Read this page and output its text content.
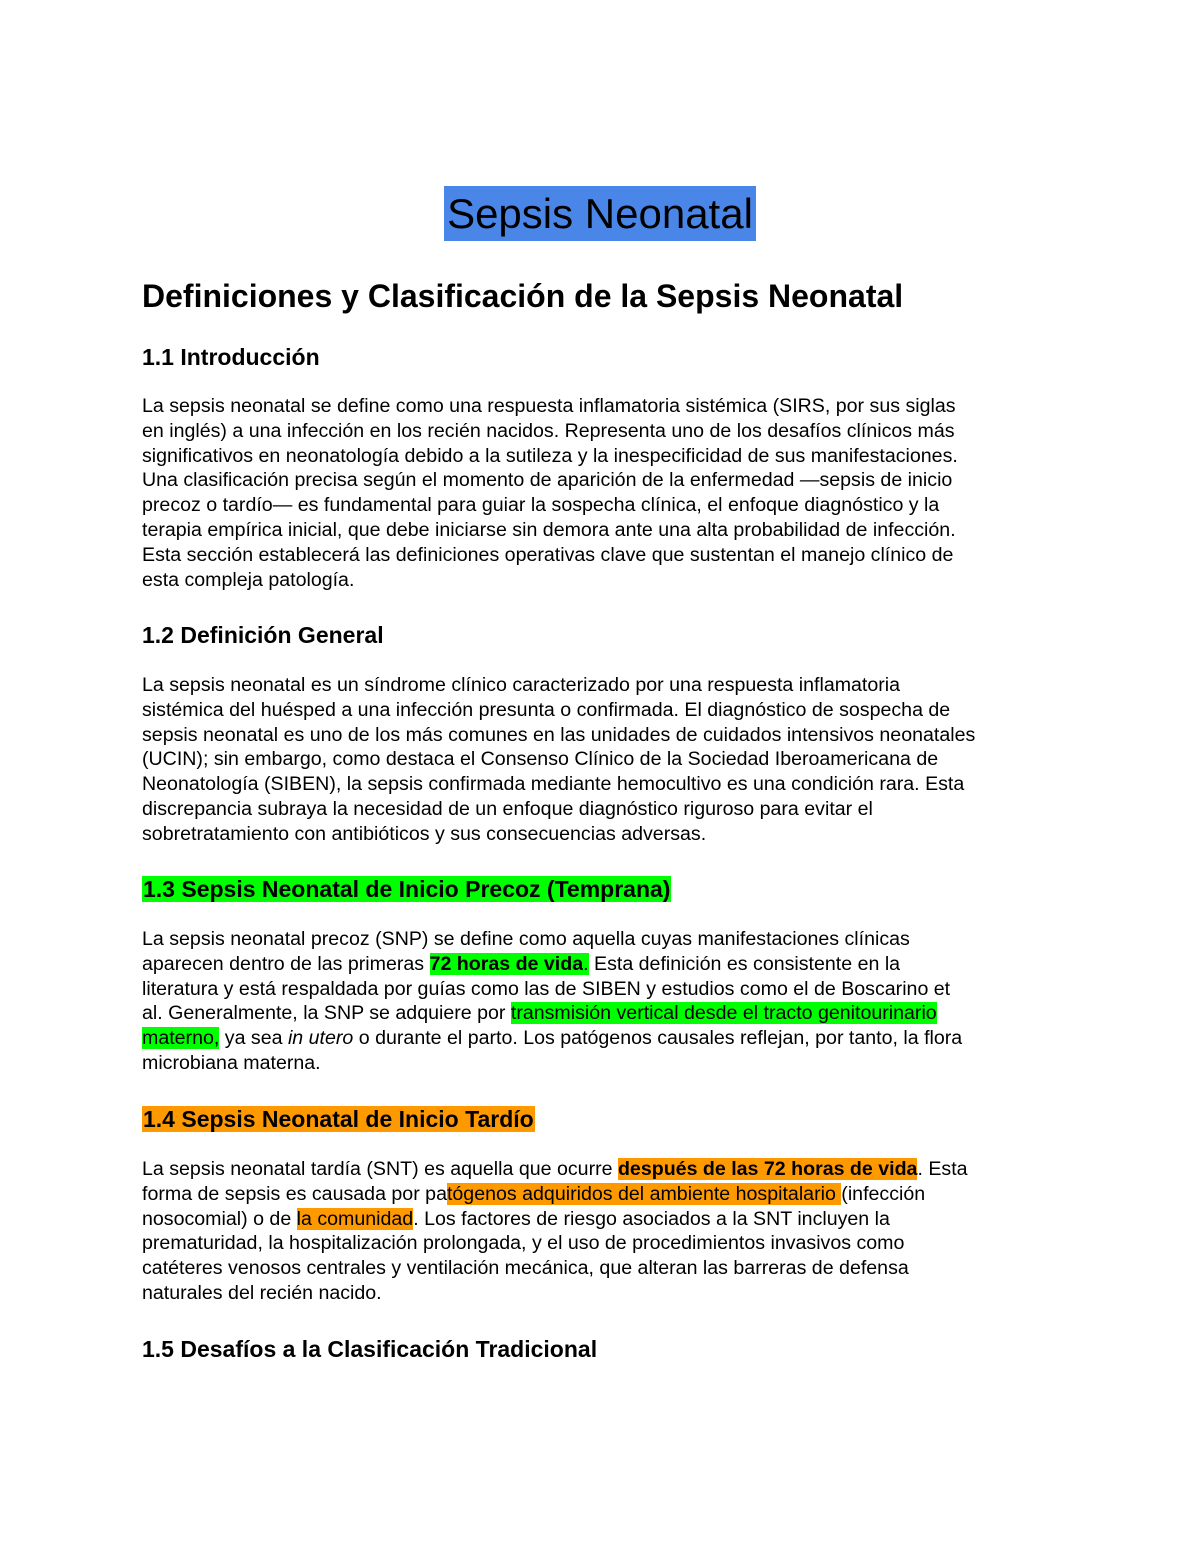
Sepsis Neonatal
Definiciones y Clasificación de la Sepsis Neonatal
1.1 Introducción
La sepsis neonatal se define como una respuesta inflamatoria sistémica (SIRS, por sus siglas
en inglés) a una infección en los recién nacidos. Representa uno de los desafíos clínicos más
significativos en neonatología debido a la sutileza y la inespecificidad de sus manifestaciones.
Una clasificación precisa según el momento de aparición de la enfermedad —sepsis de inicio
precoz o tardío— es fundamental para guiar la sospecha clínica, el enfoque diagnóstico y la
terapia empírica inicial, que debe iniciarse sin demora ante una alta probabilidad de infección.
Esta sección establecerá las definiciones operativas clave que sustentan el manejo clínico de
esta compleja patología.
1.2 Definición General
La sepsis neonatal es un síndrome clínico caracterizado por una respuesta inflamatoria
sistémica del huésped a una infección presunta o confirmada. El diagnóstico de sospecha de
sepsis neonatal es uno de los más comunes en las unidades de cuidados intensivos neonatales
(UCIN); sin embargo, como destaca el Consenso Clínico de la Sociedad Iberoamericana de
Neonatología (SIBEN), la sepsis confirmada mediante hemocultivo es una condición rara. Esta
discrepancia subraya la necesidad de un enfoque diagnóstico riguroso para evitar el
sobretratamiento con antibióticos y sus consecuencias adversas.
1.3 Sepsis Neonatal de Inicio Precoz (Temprana)
La sepsis neonatal precoz (SNP) se define como aquella cuyas manifestaciones clínicas
aparecen dentro de las primeras 72 horas de vida. Esta definición es consistente en la
literatura y está respaldada por guías como las de SIBEN y estudios como el de Boscarino et
al. Generalmente, la SNP se adquiere por transmisión vertical desde el tracto genitourinario
materno, ya sea in utero o durante el parto. Los patógenos causales reflejan, por tanto, la flora
microbiana materna.
1.4 Sepsis Neonatal de Inicio Tardío
La sepsis neonatal tardía (SNT) es aquella que ocurre después de las 72 horas de vida. Esta
forma de sepsis es causada por patógenos adquiridos del ambiente hospitalario (infección
nosocomial) o de la comunidad. Los factores de riesgo asociados a la SNT incluyen la
prematuridad, la hospitalización prolongada, y el uso de procedimientos invasivos como
catéteres venosos centrales y ventilación mecánica, que alteran las barreras de defensa
naturales del recién nacido.
1.5 Desafíos a la Clasificación Tradicional
